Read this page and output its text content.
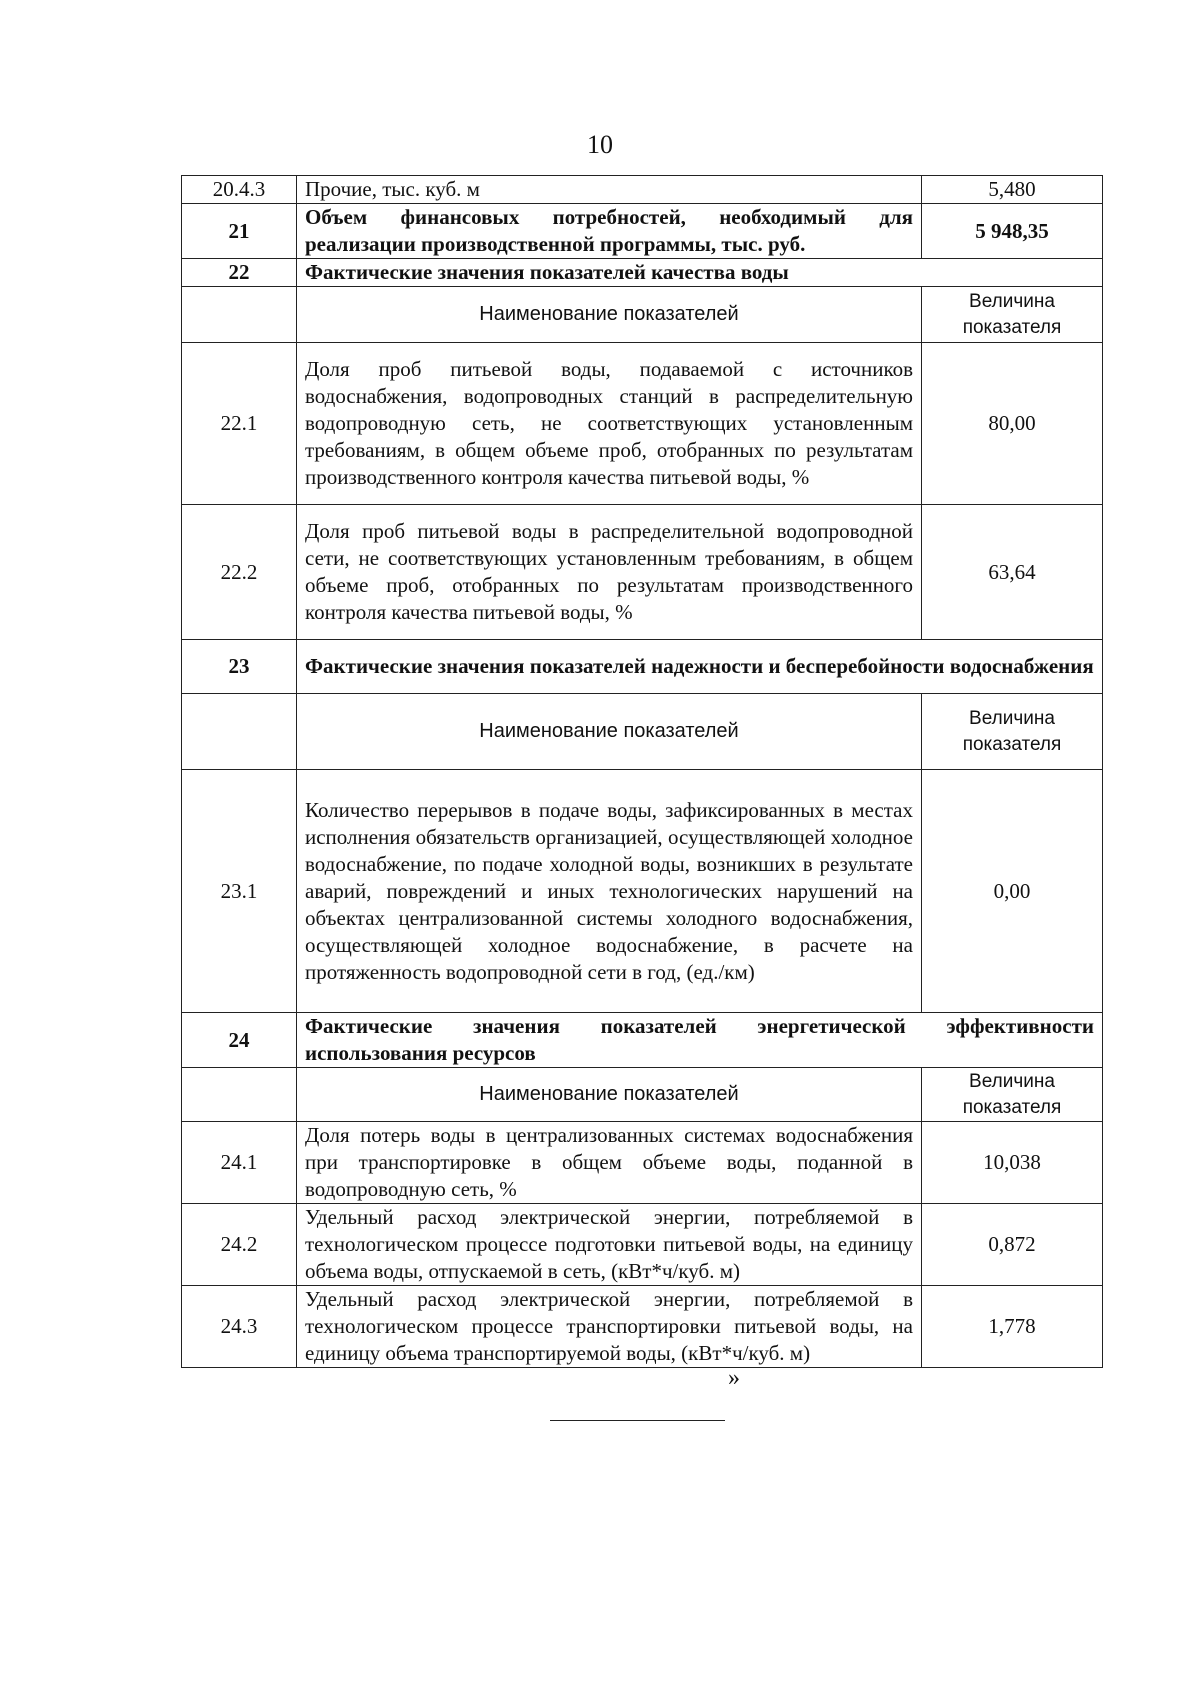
10
20.4.3	Прочие, тыс. куб. м	5,480
21	Объем финансовых потребностей, необходимый для реализации производственной программы, тыс. руб.	5 948,35
22	Фактические значения показателей качества воды	
	Наименование показателей	Величина показателя
22.1	Доля проб питьевой воды, подаваемой с источников водоснабжения, водопроводных станций в распределительную водопроводную сеть, не соответствующих установленным требованиям, в общем объеме проб, отобранных по результатам производственного контроля качества питьевой воды, %	80,00
22.2	Доля проб питьевой воды в распределительной водопроводной сети, не соответствующих установленным требованиям, в общем объеме проб, отобранных по результатам производственного контроля качества питьевой воды, %	63,64
23	Фактические значения показателей надежности и бесперебойности водоснабжения	
	Наименование показателей	Величина показателя
23.1	Количество перерывов в подаче воды, зафиксированных в местах исполнения обязательств организацией, осуществляющей холодное водоснабжение, по подаче холодной воды, возникших в результате аварий, повреждений и иных технологических нарушений на объектах централизованной системы холодного водоснабжения, осуществляющей холодное водоснабжение, в расчете на протяженность водопроводной сети в год, (ед./км)	0,00
24	Фактические значения показателей энергетической эффективности использования ресурсов	
	Наименование показателей	Величина показателя
24.1	Доля потерь воды в централизованных системах водоснабжения при транспортировке в общем объеме воды, поданной в водопроводную сеть, %	10,038
24.2	Удельный расход электрической энергии, потребляемой в технологическом процессе подготовки питьевой воды, на единицу объема воды, отпускаемой в сеть, (кВт*ч/куб. м)	0,872
24.3	Удельный расход электрической энергии, потребляемой в технологическом процессе транспортировки питьевой воды, на единицу объема транспортируемой воды, (кВт*ч/куб. м)	1,778
»
